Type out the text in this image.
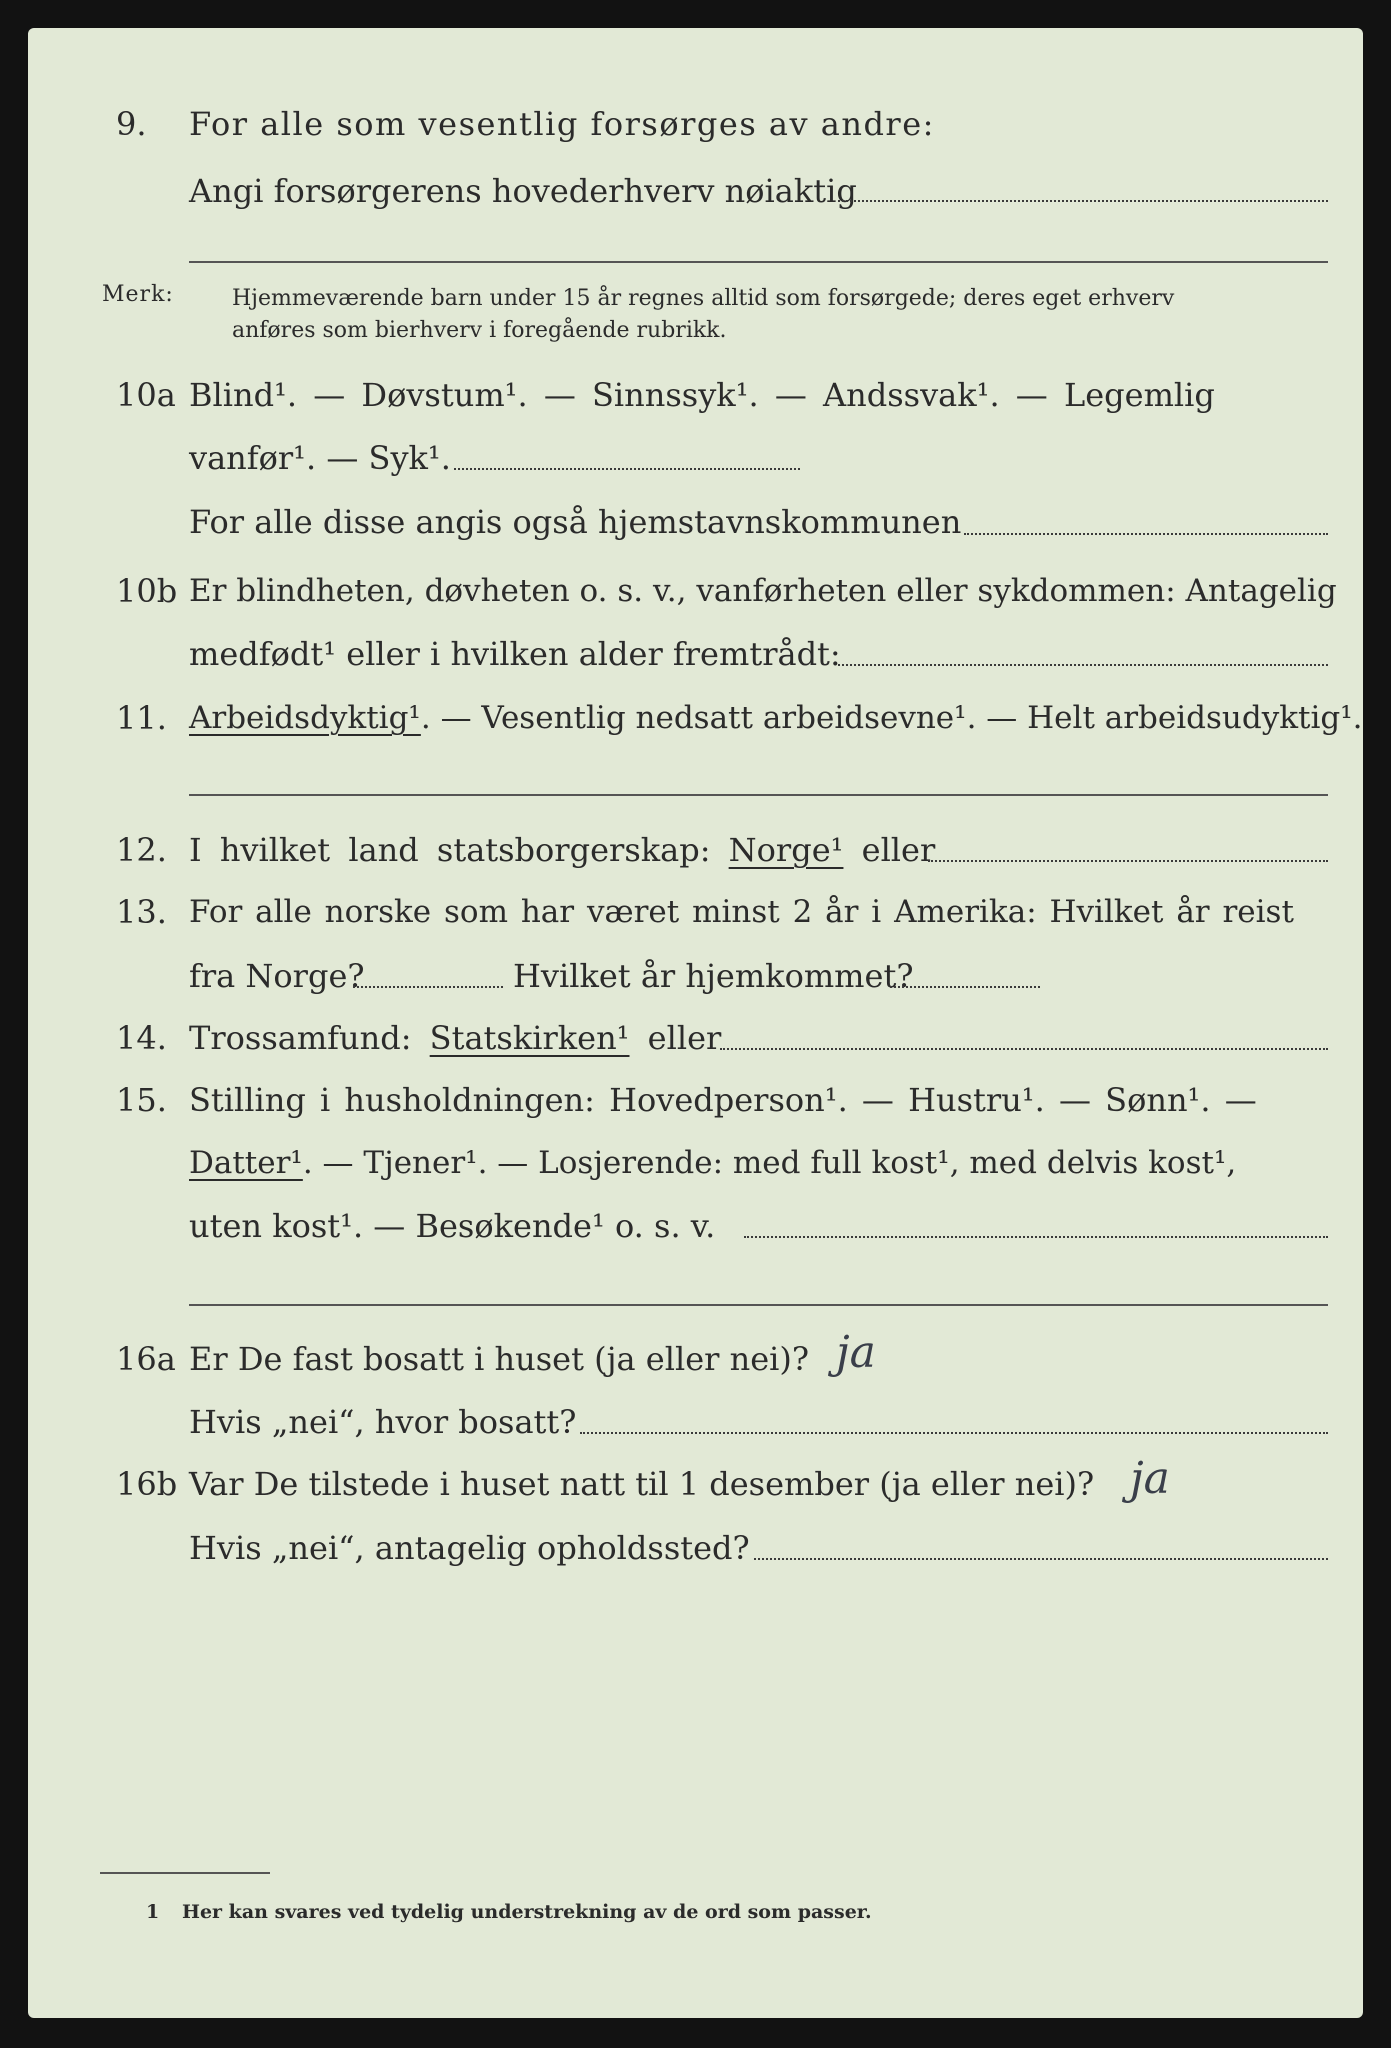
9. For alle som vesentlig forsørges av andre:
Angi forsørgerens hovederhverv nøiaktig
Merk:	Hjemmeværende barn under 15 år regnes alltid som forsørgede; deres eget erhverv
anføres som bierhverv i foregående rubrikk.
10a Blind¹. — Døvstum¹. — Sinnssyk¹. — Andssvak¹. — Legemlig
vanfør¹. — Syk¹.
For alle disse angis også hjemstavnskommunen
10b Er blindheten, døvheten o. s. v., vanførheten eller sykdommen: Antagelig
medfødt¹ eller i hvilken alder fremtrådt:
11. Arbeidsdyktig¹. — Vesentlig nedsatt arbeidsevne¹. — Helt arbeidsudyktig¹.
12. I hvilket land statsborgerskap: Norge¹ eller
13. For alle norske som har været minst 2 år i Amerika: Hvilket år reist
fra Norge?	Hvilket år hjemkommet?
14. Trossamfund: Statskirken¹ eller
15. Stilling i husholdningen: Hovedperson¹. — Hustru¹. — Sønn¹. —
Datter¹. — Tjener¹. — Losjerende: med full kost¹, med delvis kost¹,
uten kost¹. — Besøkende¹ o. s. v.
16a Er De fast bosatt i huset (ja eller nei)? ja
Hvis „nei“, hvor bosatt?
16b Var De tilstede i huset natt til 1 desember (ja eller nei)? ja
Hvis „nei“, antagelig opholdssted?
1 Her kan svares ved tydelig understrekning av de ord som passer.
